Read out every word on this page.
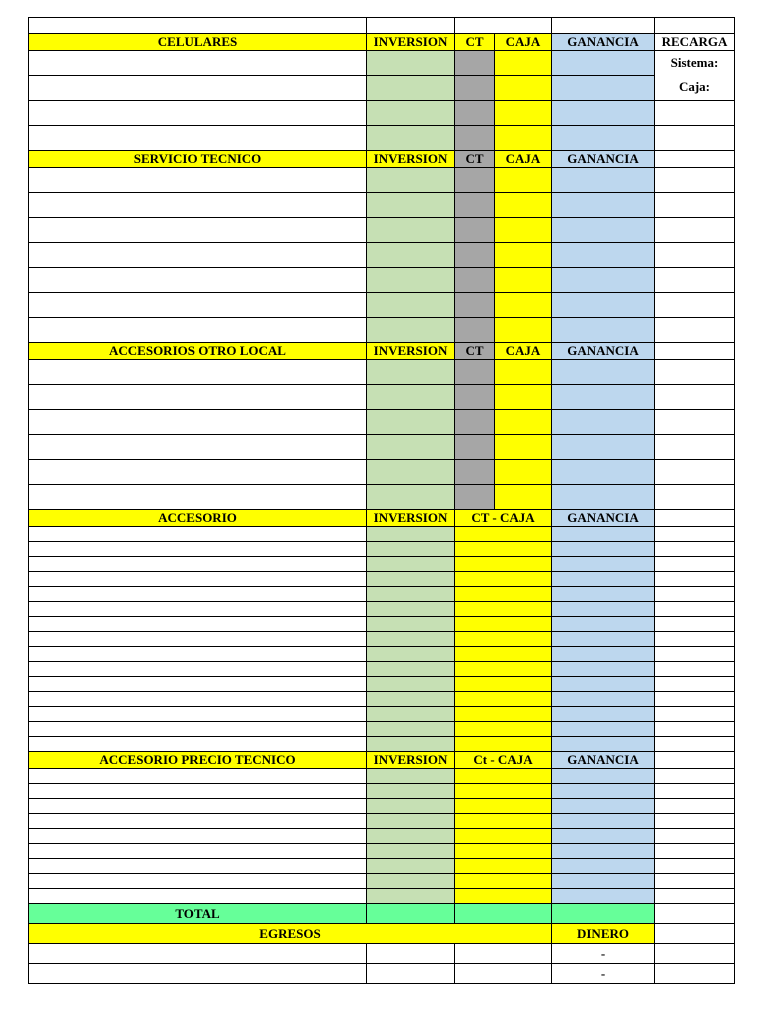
CELULARES	INVERSION	CT	CAJA	GANANCIA	RECARGA
					Sistema:
					Caja:

SERVICIO TECNICO	INVERSION	CT	CAJA	GANANCIA	

ACCESORIOS OTRO LOCAL	INVERSION	CT	CAJA	GANANCIA	

ACCESORIO	INVERSION	CT - CAJA		GANANCIA	

ACCESORIO PRECIO TECNICO	INVERSION	Ct - CAJA		GANANCIA	

TOTAL					
EGRESOS				DINERO	
				-	
				-	
